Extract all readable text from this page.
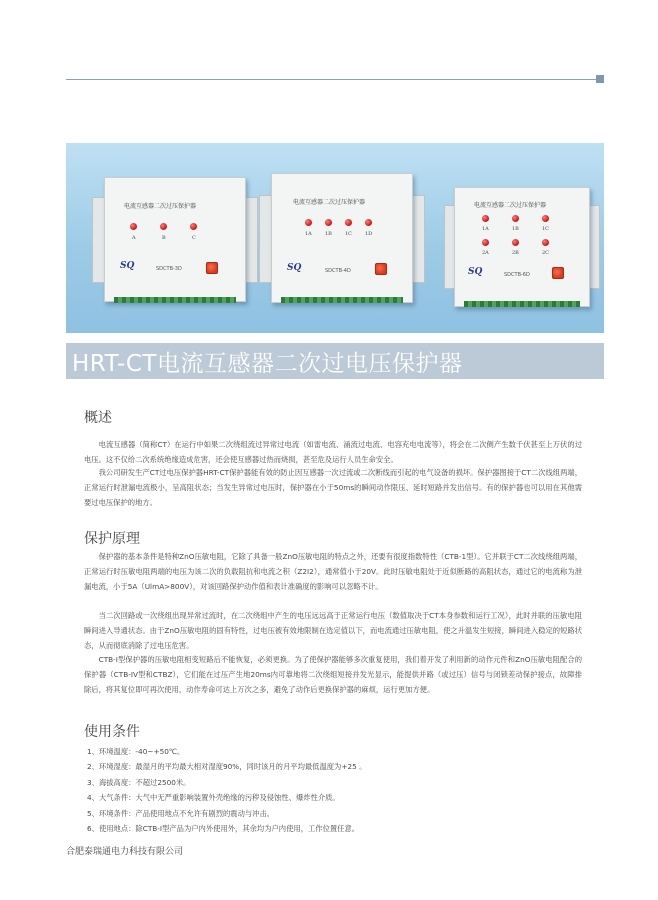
电流互感器二次过压保护器
A	B	C
SQ	SDCTB-3D
电流互感器二次过压保护器
1A	1B	1C	1D
SQ	SDCTB-4D
电流互感器二次过压保护器
1A	1B	1C
2A	2B	2C
SQ	SDCTB-6D
HRT-CT电流互感器二次过电压保护器
概述

电流互感器（简称CT）在运行中如果二次绕组流过异常过电流（如雷电流、涌流过电流、电容充电电流等），将会在二次侧产生数千伏甚至上万伏的过电压。这不仅给二次系统绝缘造成危害，还会使互感器过热而烧损，甚至危及运行人员生命安全。

我公司研发生产CT过电压保护器HRT-CT保护器能有效的防止因互感器一次过流或二次断线而引起的电气设备的损坏。保护器图接于CT二次线组两端，正常运行时泄漏电流极小，呈高阻状态；当发生异常过电压时，保护器在小于50ms的瞬间动作限压、延时短路并发出信号。有的保护器也可以用在其他需要过电压保护的地方。

保护原理

保护器的基本条件是特种ZnO压敏电阻，它除了具备一般ZnO压敏电阻的特点之外，还要有很度指数特性（CTB-1型）。它并联于CT二次线绕组两端，正常运行时压敏电阻两端的电压为该二次的负载阻抗和电流之积（Z2I2），通常值小于20V。此时压敏电阻处于近似断路的高阻状态，通过它的电流称为泄漏电流，小于5A（UlmA>800V），对该回路保护动作值和表计准确度的影响可以忽略不计。

当二次回路或一次绕组出现异常过流时，在二次绕组中产生的电压远远高于正常运行电压（数值取决于CT本身参数和运行工况），此时并联的压敏电阻瞬间进入导通状态。由于ZnO压敏电阻的固有特性，过电压被有效地限制在选定值以下，而电流通过压敏电阻，使之升温发生短接，瞬间进入稳定的短路状态，从而彻底消除了过电压危害。

CTB-I型保护器的压敏电阻相变短路后不能恢复，必须更换。为了使保护器能够多次重复使用，我们着开发了利用新的动作元件和ZnO压敏电阻配合的保护器（CTB-IV型和CTBZ），它们能在过压产生地20ms内可靠地将二次绕组短接并发光显示，能提供并路（或过压）信号与闭锁差动保护接点，故障排除后，将其复位即可再次使用，动作寿命可达上万次之多，避免了动作后更换保护器的麻烦，运行更加方便。

使用条件
1、环境温度：-40~+50℃。
2、环境湿度：最湿月的平均最大相对湿度90%，同时该月的月平均最低温度为+25 。
3、海拔高度：不超过2500米。
4、大气条件：大气中无严重影响装置外壳绝缘的污秽及侵蚀性、爆炸性介质。
5、环境条件：产品使用地点不允许有剧烈的震动与冲击。
6、使用地点：除CTB-I型产品为户内外使用外，其余均为户内使用，工作位置任意。
合肥泰瑞通电力科技有限公司
